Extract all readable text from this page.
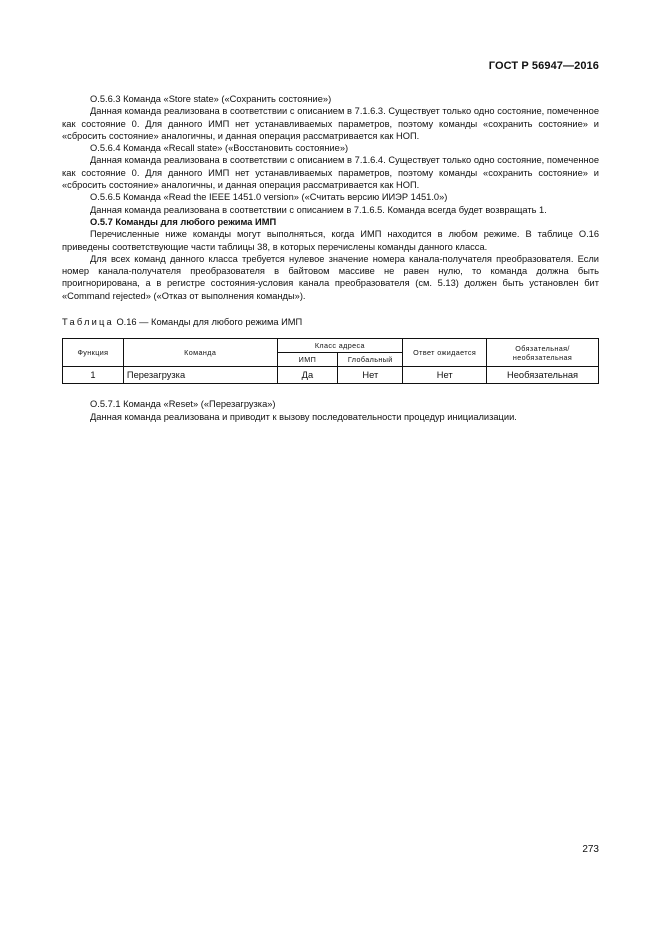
ГОСТ Р 56947—2016

О.5.6.3 Команда «Store state» («Сохранить состояние»)

Данная команда реализована в соответствии с описанием в 7.1.6.3. Существует только одно состояние, помеченное как состояние 0. Для данного ИМП нет устанавливаемых параметров, поэтому команды «сохранить состояние» и «сбросить состояние» аналогичны, и данная операция рассматривается как НОП.

О.5.6.4 Команда «Recall state» («Восстановить состояние»)

Данная команда реализована в соответствии с описанием в 7.1.6.4. Существует только одно состояние, помеченное как состояние 0. Для данного ИМП нет устанавливаемых параметров, поэтому команды «сохранить состояние» и «сбросить состояние» аналогичны, и данная операция рассматривается как НОП.

О.5.6.5 Команда «Read the IEEE 1451.0 version» («Считать версию ИИЭР 1451.0»)

Данная команда реализована в соответствии с описанием в 7.1.6.5. Команда всегда будет возвращать 1.

О.5.7 Команды для любого режима ИМП

Перечисленные ниже команды могут выполняться, когда ИМП находится в любом режиме. В таблице О.16 приведены соответствующие части таблицы 38, в которых перечислены команды данного класса.

Для всех команд данного класса требуется нулевое значение номера канала-получателя преобразователя. Если номер канала-получателя преобразователя в байтовом массиве не равен нулю, то команда должна быть проигнорирована, а в регистре состояния-условия канала преобразователя (см. 5.13) должен быть установлен бит «Command rejected» («Отказ от выполнения команды»).

Таблица О.16 — Команды для любого режима ИМП

Функция	Команда	Класс адреса		Ответ ожидается	Обязательная/ необязательная
		ИМП	Глобальный		
1	Перезагрузка	Да	Нет	Нет	Необязательная

О.5.7.1 Команда «Reset» («Перезагрузка»)

Данная команда реализована и приводит к вызову последовательности процедур инициализации.

273
